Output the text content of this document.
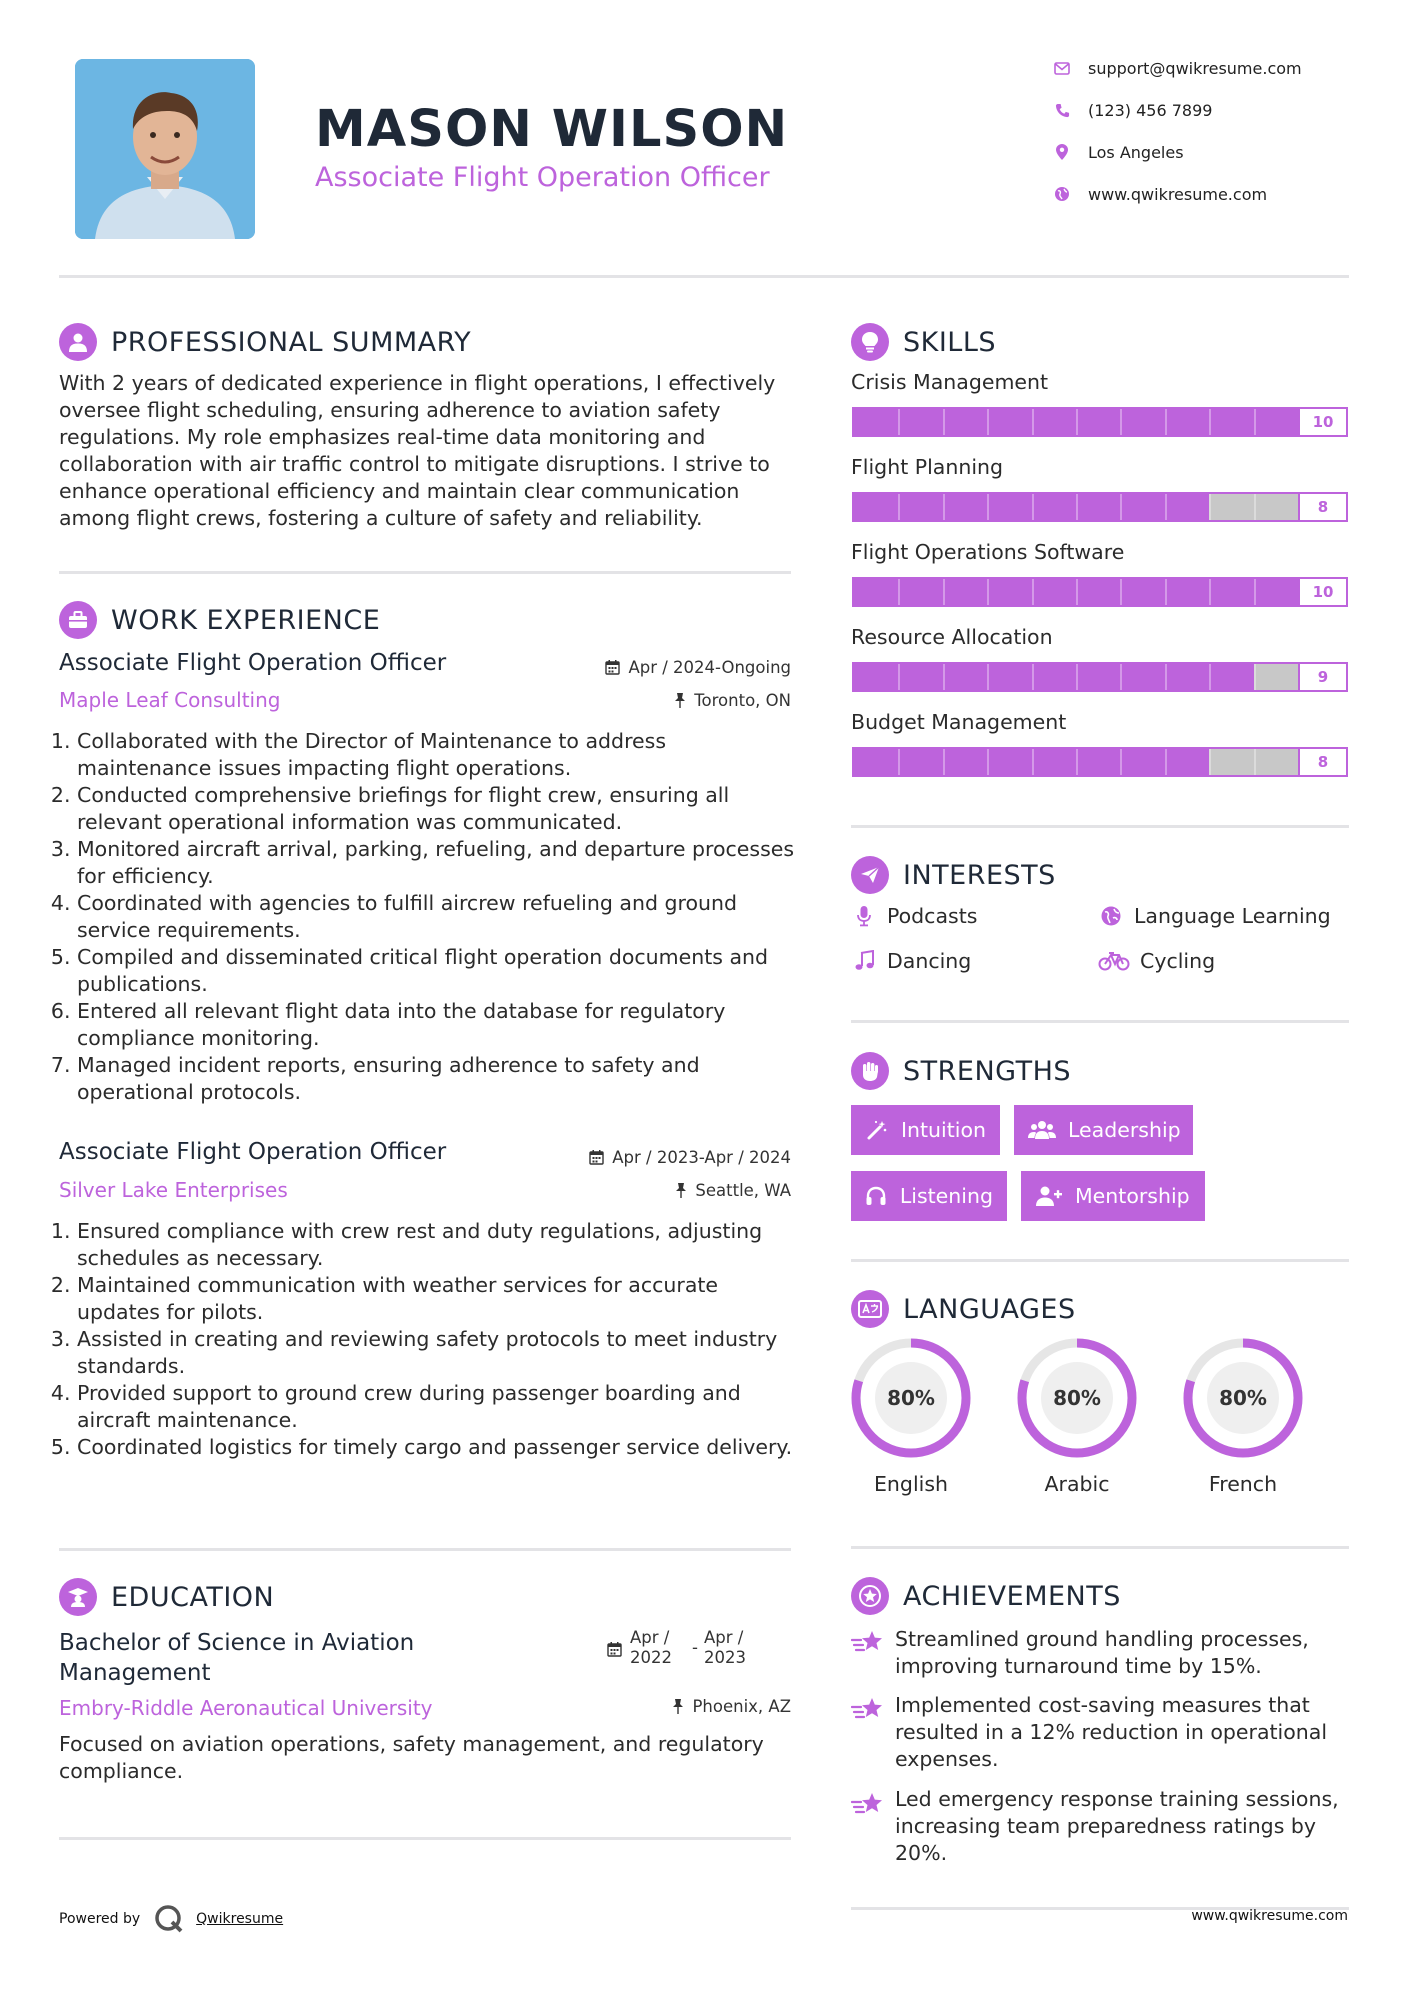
MASON WILSON
Associate Flight Operation Officer
support@qwikresume.com
(123) 456 7899
Los Angeles
www.qwikresume.com
PROFESSIONAL SUMMARY
With 2 years of dedicated experience in flight operations, I effectively oversee flight scheduling, ensuring adherence to aviation safety regulations. My role emphasizes real-time data monitoring and collaboration with air traffic control to mitigate disruptions. I strive to enhance operational efficiency and maintain clear communication among flight crews, fostering a culture of safety and reliability.
WORK EXPERIENCE
Associate Flight Operation Officer	Apr / 2024-Ongoing
Maple Leaf Consulting	Toronto, ON
1. Collaborated with the Director of Maintenance to address maintenance issues impacting flight operations.
2. Conducted comprehensive briefings for flight crew, ensuring all relevant operational information was communicated.
3. Monitored aircraft arrival, parking, refueling, and departure processes for efficiency.
4. Coordinated with agencies to fulfill aircrew refueling and ground service requirements.
5. Compiled and disseminated critical flight operation documents and publications.
6. Entered all relevant flight data into the database for regulatory compliance monitoring.
7. Managed incident reports, ensuring adherence to safety and operational protocols.
Associate Flight Operation Officer	Apr / 2023-Apr / 2024
Silver Lake Enterprises	Seattle, WA
1. Ensured compliance with crew rest and duty regulations, adjusting schedules as necessary.
2. Maintained communication with weather services for accurate updates for pilots.
3. Assisted in creating and reviewing safety protocols to meet industry standards.
4. Provided support to ground crew during passenger boarding and aircraft maintenance.
5. Coordinated logistics for timely cargo and passenger service delivery.
EDUCATION
Bachelor of Science in Aviation Management
Apr / 2022
-
Apr / 2023
Embry-Riddle Aeronautical University	Phoenix, AZ
Focused on aviation operations, safety management, and regulatory compliance.
Powered by	Qwikresume
SKILLS
Crisis Management
10
Flight Planning
8
Flight Operations Software
10
Resource Allocation
9
Budget Management
8
INTERESTS
Podcasts	Language Learning
Dancing	Cycling
STRENGTHS
Intuition	Leadership
Listening	Mentorship
LANGUAGES
80%
English
80%
Arabic
80%
French
ACHIEVEMENTS
Streamlined ground handling processes, improving turnaround time by 15%.
Implemented cost-saving measures that resulted in a 12% reduction in operational expenses.
Led emergency response training sessions, increasing team preparedness ratings by 20%.
www.qwikresume.com
